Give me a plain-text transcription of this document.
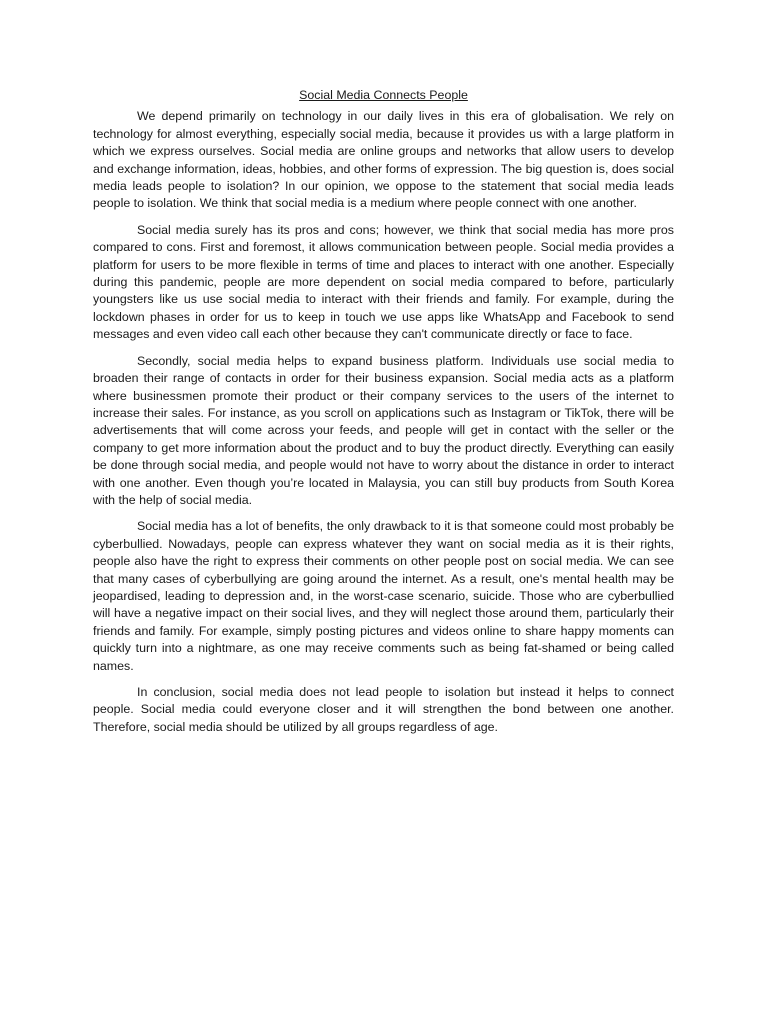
Social Media Connects People

We depend primarily on technology in our daily lives in this era of globalisation. We rely on technology for almost everything, especially social media, because it provides us with a large platform in which we express ourselves. Social media are online groups and networks that allow users to develop and exchange information, ideas, hobbies, and other forms of expression. The big question is, does social media leads people to isolation? In our opinion, we oppose to the statement that social media leads people to isolation. We think that social media is a medium where people connect with one another.

Social media surely has its pros and cons; however, we think that social media has more pros compared to cons. First and foremost, it allows communication between people. Social media provides a platform for users to be more flexible in terms of time and places to interact with one another. Especially during this pandemic, people are more dependent on social media compared to before, particularly youngsters like us use social media to interact with their friends and family. For example, during the lockdown phases in order for us to keep in touch we use apps like WhatsApp and Facebook to send messages and even video call each other because they can't communicate directly or face to face.

Secondly, social media helps to expand business platform. Individuals use social media to broaden their range of contacts in order for their business expansion. Social media acts as a platform where businessmen promote their product or their company services to the users of the internet to increase their sales. For instance, as you scroll on applications such as Instagram or TikTok, there will be advertisements that will come across your feeds, and people will get in contact with the seller or the company to get more information about the product and to buy the product directly. Everything can easily be done through social media, and people would not have to worry about the distance in order to interact with one another. Even though you’re located in Malaysia, you can still buy products from South Korea with the help of social media.

Social media has a lot of benefits, the only drawback to it is that someone could most probably be cyberbullied. Nowadays, people can express whatever they want on social media as it is their rights, people also have the right to express their comments on other people post on social media. We can see that many cases of cyberbullying are going around the internet. As a result, one's mental health may be jeopardised, leading to depression and, in the worst-case scenario, suicide. Those who are cyberbullied will have a negative impact on their social lives, and they will neglect those around them, particularly their friends and family. For example, simply posting pictures and videos online to share happy moments can quickly turn into a nightmare, as one may receive comments such as being fat-shamed or being called names.

In conclusion, social media does not lead people to isolation but instead it helps to connect people. Social media could everyone closer and it will strengthen the bond between one another. Therefore, social media should be utilized by all groups regardless of age.
